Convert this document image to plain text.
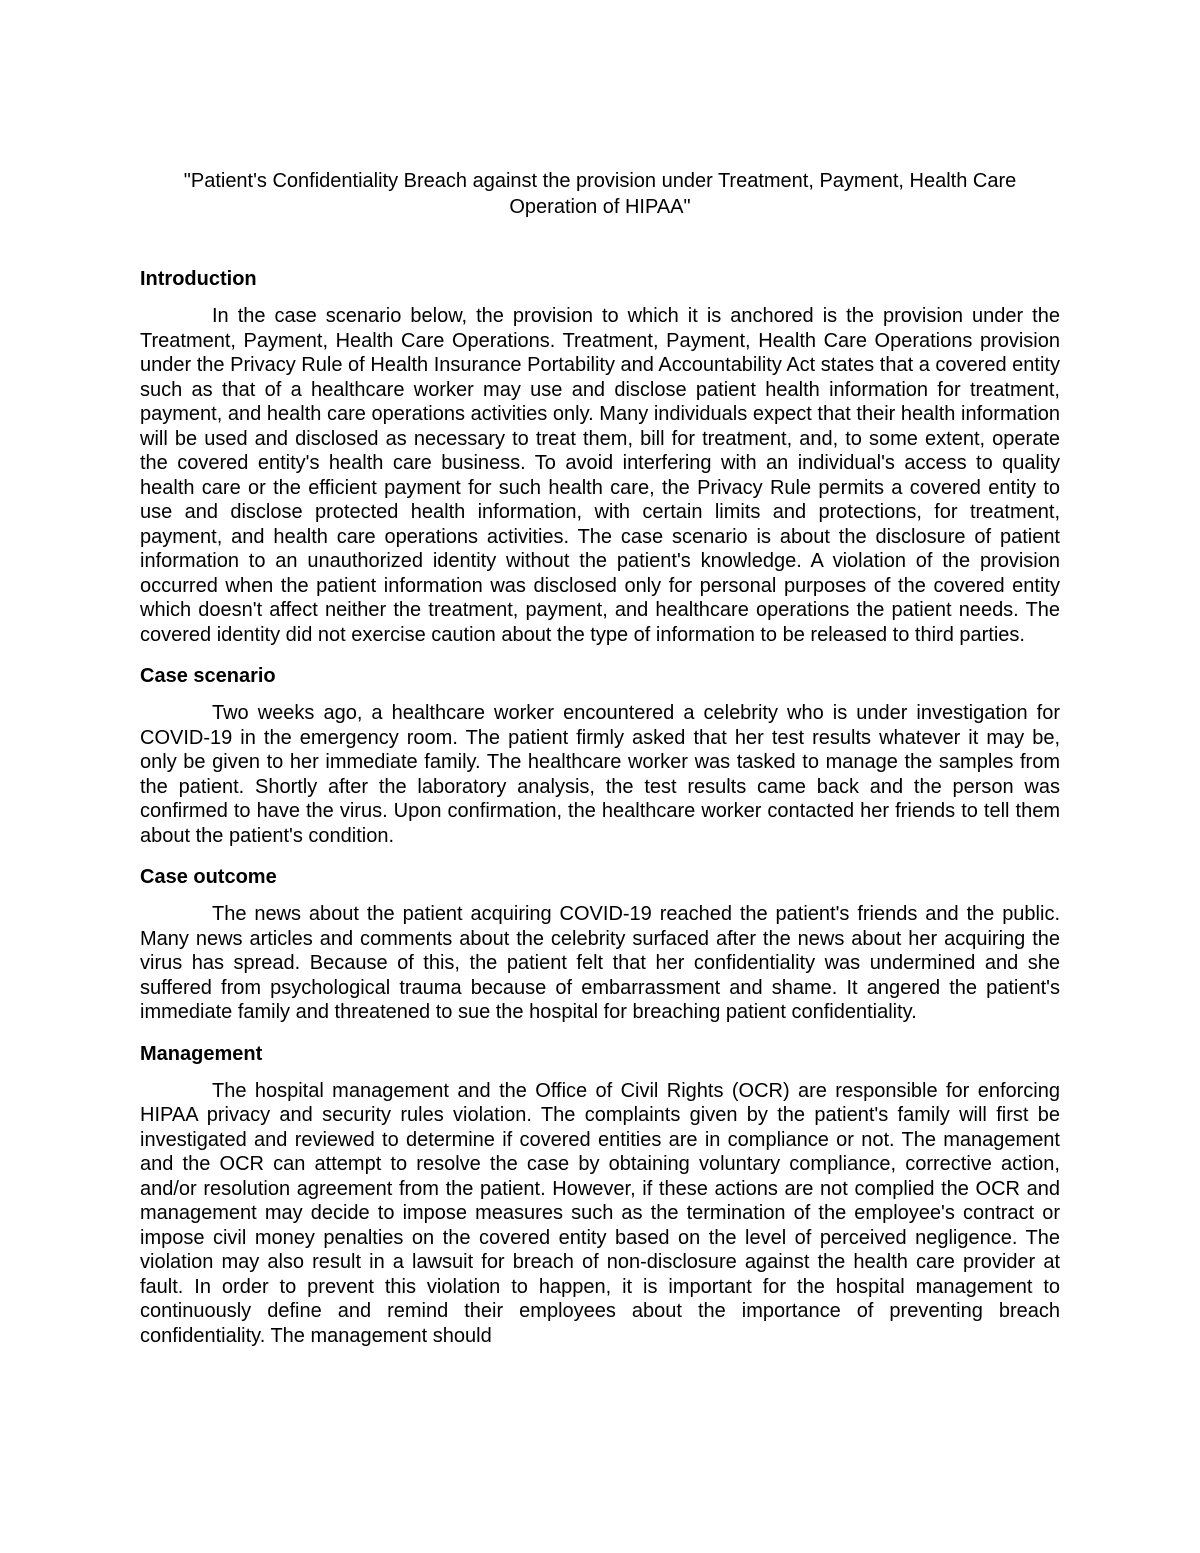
"Patient's Confidentiality Breach against the provision under Treatment, Payment, Health Care Operation of HIPAA"
Introduction

In the case scenario below, the provision to which it is anchored is the provision under the Treatment, Payment, Health Care Operations. Treatment, Payment, Health Care Operations provision under the Privacy Rule of Health Insurance Portability and Accountability Act states that a covered entity such as that of a healthcare worker may use and disclose patient health information for treatment, payment, and health care operations activities only. Many individuals expect that their health information will be used and disclosed as necessary to treat them, bill for treatment, and, to some extent, operate the covered entity's health care business. To avoid interfering with an individual's access to quality health care or the efficient payment for such health care, the Privacy Rule permits a covered entity to use and disclose protected health information, with certain limits and protections, for treatment, payment, and health care operations activities. The case scenario is about the disclosure of patient information to an unauthorized identity without the patient's knowledge. A violation of the provision occurred when the patient information was disclosed only for personal purposes of the covered entity which doesn't affect neither the treatment, payment, and healthcare operations the patient needs. The covered identity did not exercise caution about the type of information to be released to third parties.

Case scenario

Two weeks ago, a healthcare worker encountered a celebrity who is under investigation for COVID-19 in the emergency room. The patient firmly asked that her test results whatever it may be, only be given to her immediate family. The healthcare worker was tasked to manage the samples from the patient. Shortly after the laboratory analysis, the test results came back and the person was confirmed to have the virus. Upon confirmation, the healthcare worker contacted her friends to tell them about the patient's condition.

Case outcome

The news about the patient acquiring COVID-19 reached the patient's friends and the public. Many news articles and comments about the celebrity surfaced after the news about her acquiring the virus has spread. Because of this, the patient felt that her confidentiality was undermined and she suffered from psychological trauma because of embarrassment and shame. It angered the patient's immediate family and threatened to sue the hospital for breaching patient confidentiality.

Management

The hospital management and the Office of Civil Rights (OCR) are responsible for enforcing HIPAA privacy and security rules violation. The complaints given by the patient's family will first be investigated and reviewed to determine if covered entities are in compliance or not. The management and the OCR can attempt to resolve the case by obtaining voluntary compliance, corrective action, and/or resolution agreement from the patient. However, if these actions are not complied the OCR and management may decide to impose measures such as the termination of the employee's contract or impose civil money penalties on the covered entity based on the level of perceived negligence. The violation may also result in a lawsuit for breach of non-disclosure against the health care provider at fault. In order to prevent this violation to happen, it is important for the hospital management to continuously define and remind their employees about the importance of preventing breach confidentiality. The management should
